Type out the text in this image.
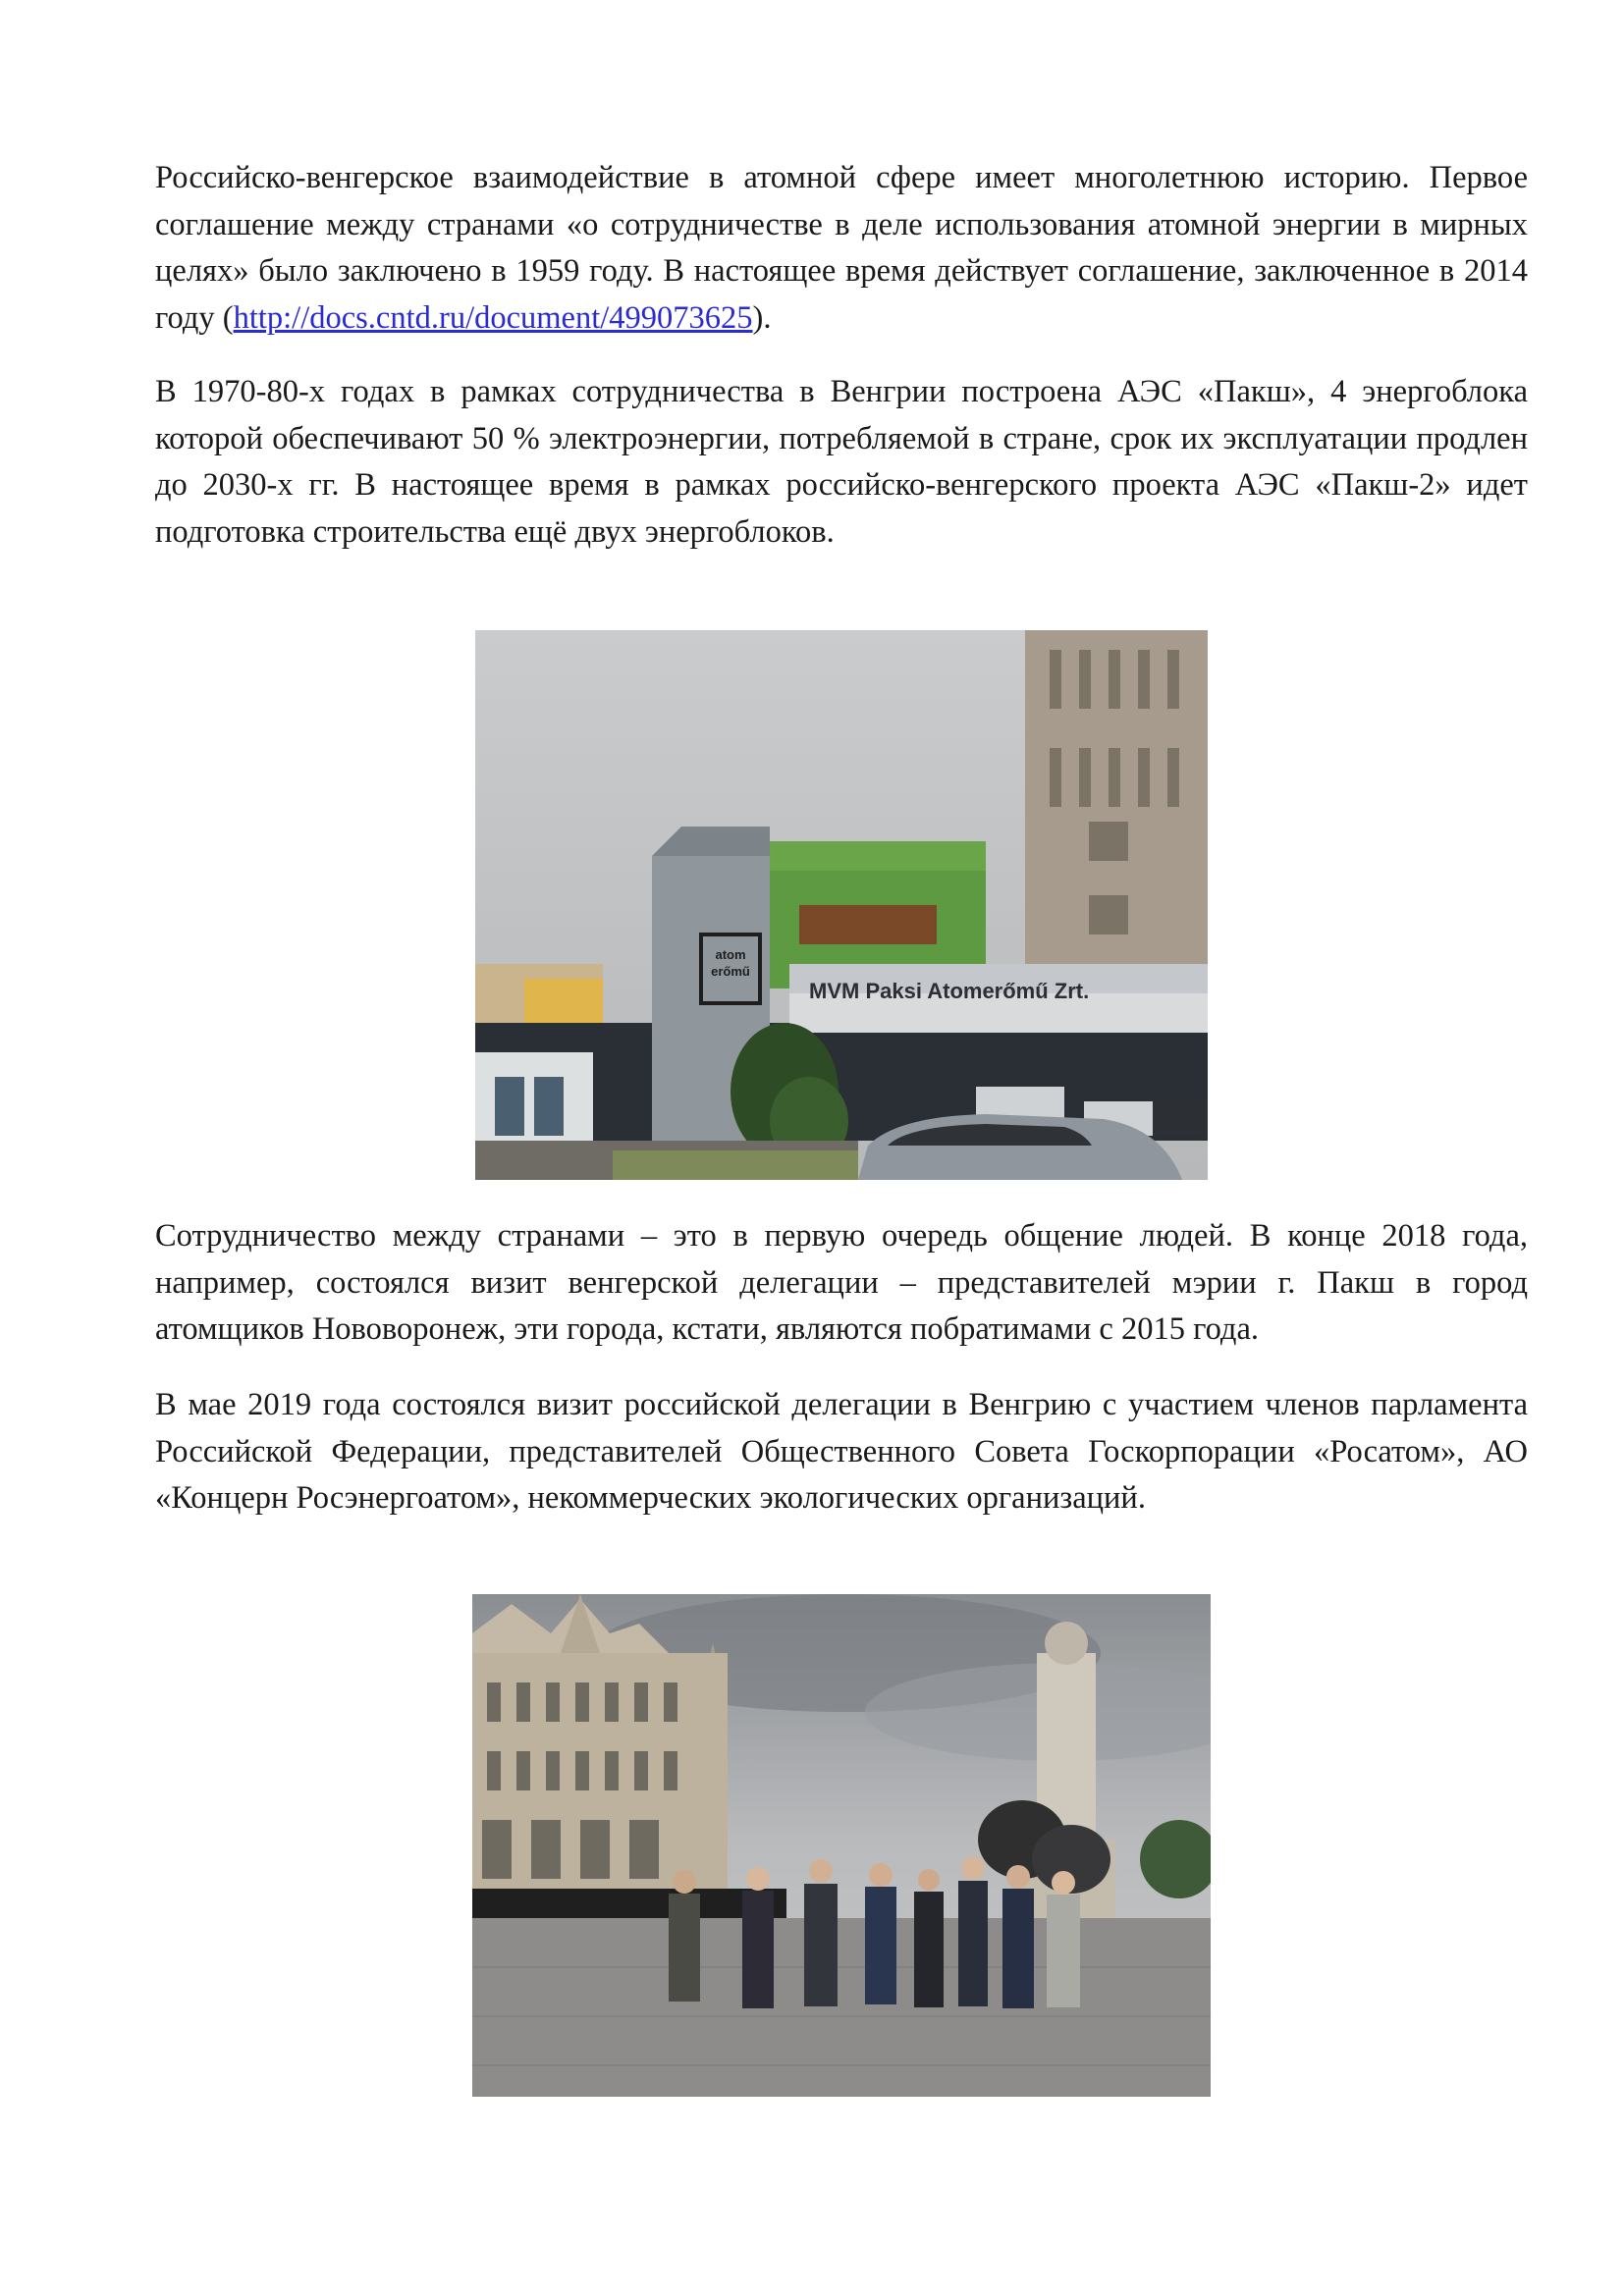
Российско-венгерское взаимодействие в атомной сфере имеет многолетнюю историю. Первое соглашение между странами «о сотрудничестве в деле использования атомной энергии в мирных целях» было заключено в 1959 году. В настоящее время действует соглашение, заключенное в 2014 году (http://docs.cntd.ru/document/499073625).

В 1970-80-х годах в рамках сотрудничества в Венгрии построена АЭС «Пакш», 4 энергоблока которой обеспечивают 50 % электроэнергии, потребляемой в стране, срок их эксплуатации продлен до 2030-х гг. В настоящее время в рамках российско-венгерского проекта АЭС «Пакш-2» идет подготовка строительства ещё двух энергоблоков.

atom
erőmű
MVM Paksi Atomerőmű Zrt.

Сотрудничество между странами – это в первую очередь общение людей. В конце 2018 года, например, состоялся визит венгерской делегации – представителей мэрии г. Пакш в город атомщиков Нововоронеж, эти города, кстати, являются побратимами с 2015 года.

В мае 2019 года состоялся визит российской делегации в Венгрию с участием членов парламента Российской Федерации, представителей Общественного Совета Госкорпорации «Росатом», АО «Концерн Росэнергоатом», некоммерческих экологических организаций.
